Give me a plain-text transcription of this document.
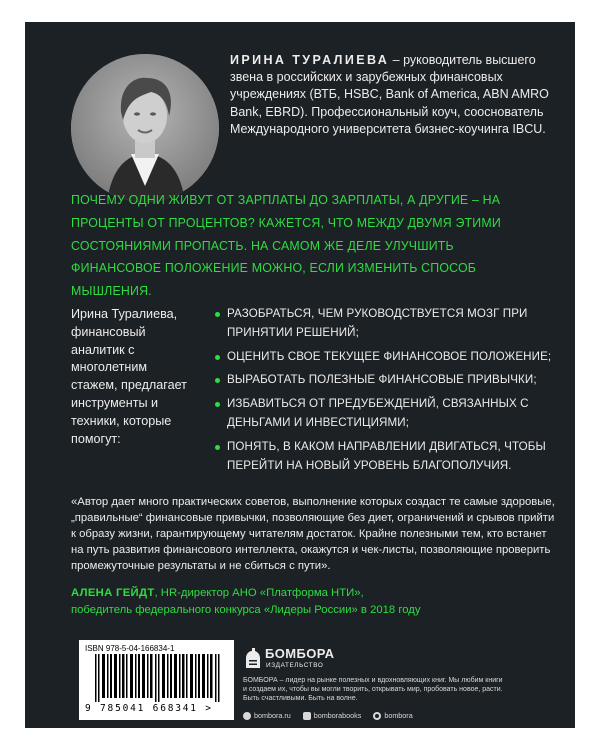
ИРИНА ТУРАЛИЕВА – руководитель высшего звена в российских и зарубежных финансовых учреждениях (ВТБ, HSBC, Bank of America, ABN AMRO Bank, EBRD). Профессиональный коуч, сооснователь Международного университета бизнес-коучинга IBCU.
ПОЧЕМУ ОДНИ ЖИВУТ ОТ ЗАРПЛАТЫ ДО ЗАРПЛАТЫ, А ДРУГИЕ – НА ПРОЦЕНТЫ ОТ ПРОЦЕНТОВ? КАЖЕТСЯ, ЧТО МЕЖДУ ДВУМЯ ЭТИМИ СОСТОЯНИЯМИ ПРОПАСТЬ. НА САМОМ ЖЕ ДЕЛЕ УЛУЧШИТЬ ФИНАНСОВОЕ ПОЛОЖЕНИЕ МОЖНО, ЕСЛИ ИЗМЕНИТЬ СПОСОБ МЫШЛЕНИЯ.
Ирина Туралиева, финансовый аналитик с многолетним стажем, предлагает инструменты и техники, которые помогут:
РАЗОБРАТЬСЯ, ЧЕМ РУКОВОДСТВУЕТСЯ МОЗГ ПРИ ПРИНЯТИИ РЕШЕНИЙ;
ОЦЕНИТЬ СВОЕ ТЕКУЩЕЕ ФИНАНСОВОЕ ПОЛОЖЕНИЕ;
ВЫРАБОТАТЬ ПОЛЕЗНЫЕ ФИНАНСОВЫЕ ПРИВЫЧКИ;
ИЗБАВИТЬСЯ ОТ ПРЕДУБЕЖДЕНИЙ, СВЯЗАННЫХ С ДЕНЬГАМИ И ИНВЕСТИЦИЯМИ;
ПОНЯТЬ, В КАКОМ НАПРАВЛЕНИИ ДВИГАТЬСЯ, ЧТОБЫ ПЕРЕЙТИ НА НОВЫЙ УРОВЕНЬ БЛАГОПОЛУЧИЯ.
«Автор дает много практических советов, выполнение которых создаст те самые здоровые, „правильные“ финансовые привычки, позволяющие без диет, ограничений и срывов прийти к образу жизни, гарантирующему читателям достаток. Крайне полезными тем, кто встанет на путь развития финансового интеллекта, окажутся и чек-листы, позволяющие проверить промежуточные результаты и не сбиться с пути».
АЛЕНА ГЕЙДТ, HR-директор АНО «Платформа НТИ»,
победитель федерального конкурса «Лидеры России» в 2018 году
ISBN 978-5-04-166834-1
9 785041 668341 >
БОМБОРА
ИЗДАТЕЛЬСТВО
БОМБОРА – лидер на рынке полезных и вдохновляющих книг. Мы любим книги и создаем их, чтобы вы могли творить, открывать мир, пробовать новое, расти. Быть счастливыми. Быть на волне.
bombora.ru	bomborabooks	bombora
